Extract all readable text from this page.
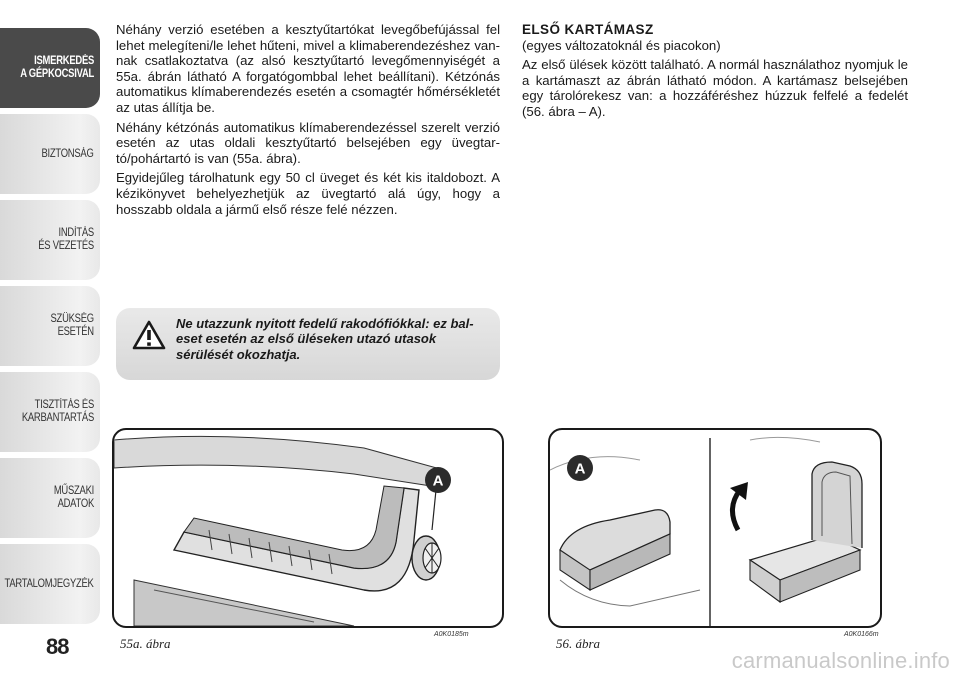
ISMERKEDÉS
A GÉPKOCSIVAL
BIZTONSÁG
INDÍTÁS
ÉS VEZETÉS
SZÜKSÉG
ESETÉN
TISZTÍTÁS ÉS
KARBANTARTÁS
MŰSZAKI
ADATOK
TARTALOMJEGYZÉK
88

Néhány verzió esetében a kesztyűtartókat levegőbefújással fel lehet melegíteni/le lehet hűteni, mivel a klimaberendezéshez van-nak csatlakoztatva (az alsó kesztyűtartó levegőmennyiségét a 55a. ábrán látható A forgatógombbal lehet beállítani). Kétzónás automatikus klímaberendezés esetén a csomagtér hőmérsékletét az utas állítja be.

Néhány kétzónás automatikus klímaberendezéssel szerelt verzió esetén az utas oldali kesztyűtartó belsejében egy üvegtar-tó/pohártartó is van (55a. ábra).

Egyidejűleg tárolhatunk egy 50 cl üveget és két kis italdobozt. A kézikönyvet behelyezhetjük az üvegtartó alá úgy, hogy a hosszabb oldala a jármű első része felé nézzen.

Ne utazzunk nyitott fedelű rakodófiókkal: ez bal-eset esetén az első üléseken utazó utasok sérülését okozhatja.
ELSŐ KARTÁMASZ

(egyes változatoknál és piacokon)

Az első ülések között található. A normál használathoz nyomjuk le a kartámaszt az ábrán látható módon. A kartámasz belsejében egy tárolórekesz van: a hozzáféréshez húzzuk felfelé a fedelét (56. ábra – A).

A
55a. ábra
A0K0185m
A
56. ábra
A0K0166m
carmanualsonline.info
